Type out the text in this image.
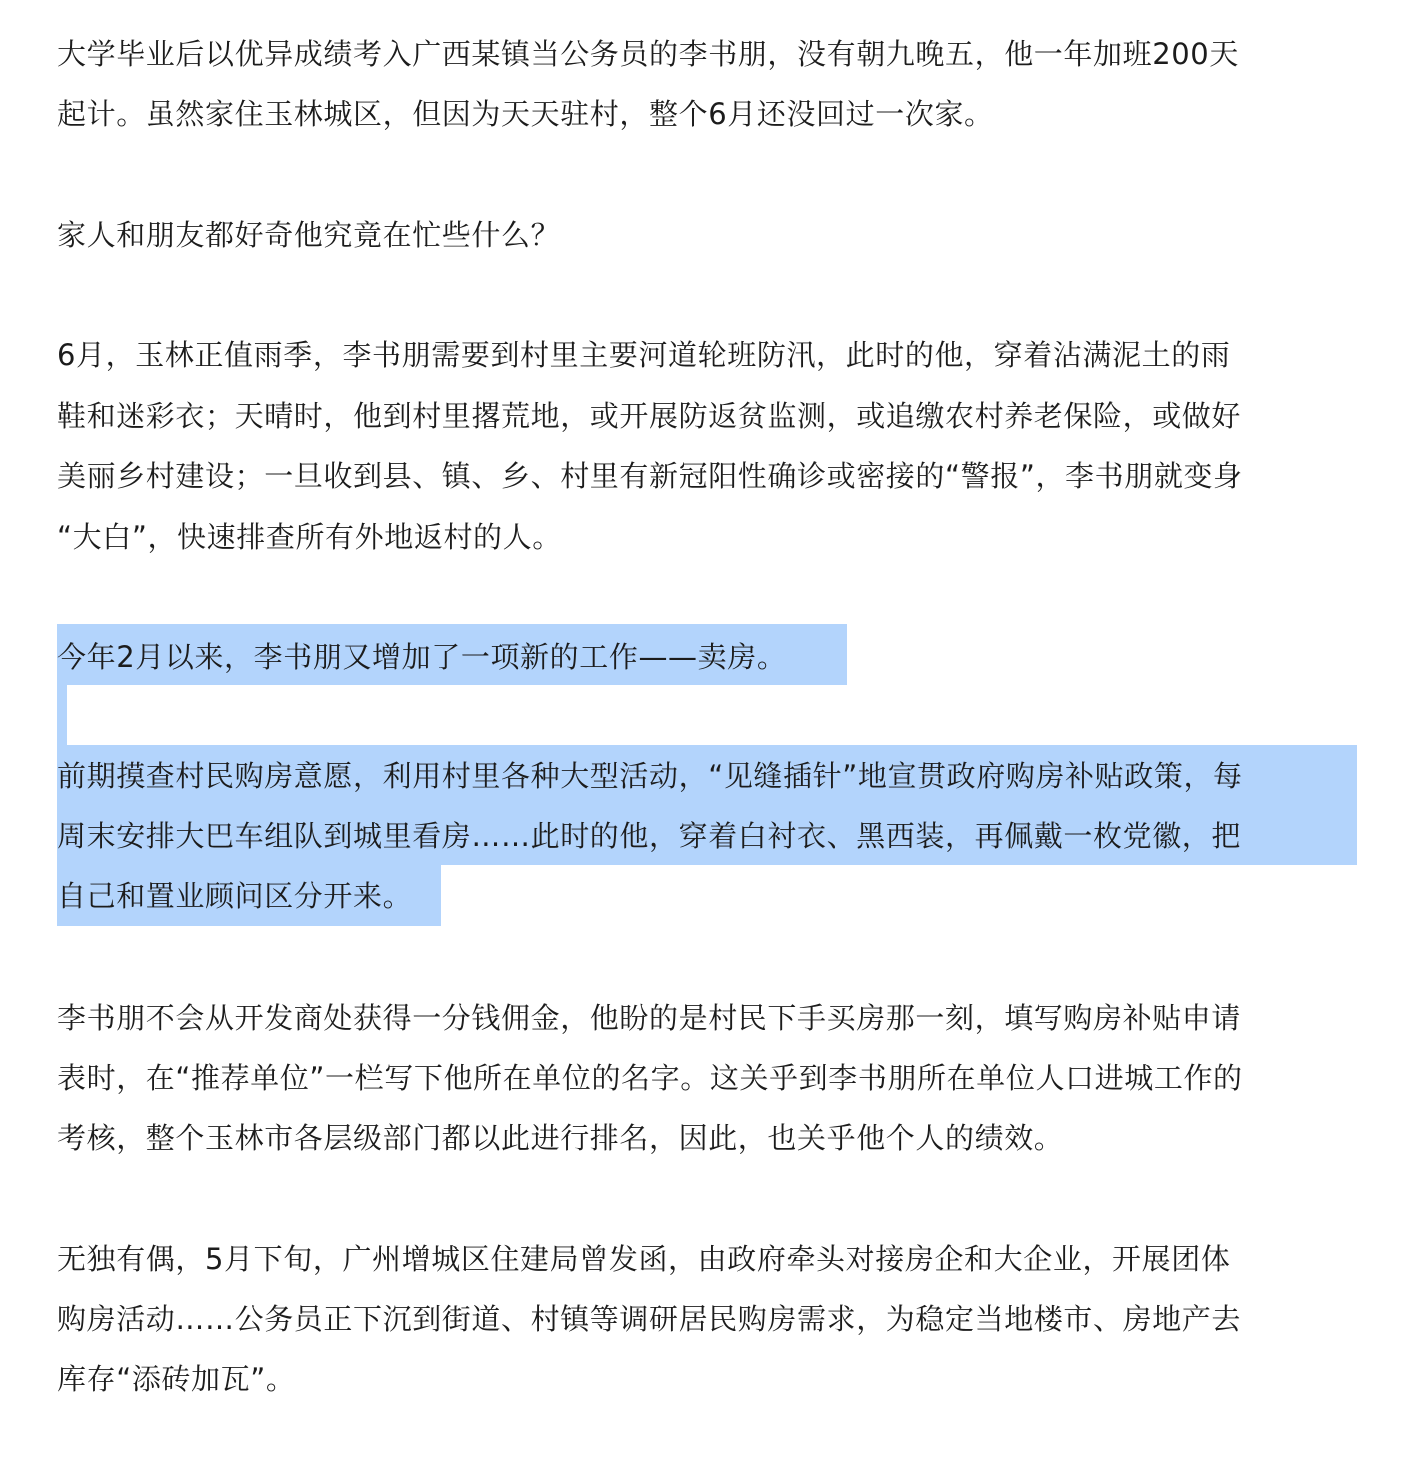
大学毕业后以优异成绩考入广西某镇当公务员的李书朋，没有朝九晚五，他一年加班200天
起计。虽然家住玉林城区，但因为天天驻村，整个6月还没回过一次家。
家人和朋友都好奇他究竟在忙些什么？
6月，玉林正值雨季，李书朋需要到村里主要河道轮班防汛，此时的他，穿着沾满泥土的雨
鞋和迷彩衣；天晴时，他到村里撂荒地，或开展防返贫监测，或追缴农村养老保险，或做好
美丽乡村建设；一旦收到县、镇、乡、村里有新冠阳性确诊或密接的“警报”，李书朋就变身
“大白”，快速排查所有外地返村的人。
今年2月以来，李书朋又增加了一项新的工作——卖房。
前期摸查村民购房意愿，利用村里各种大型活动，“见缝插针”地宣贯政府购房补贴政策，每
周末安排大巴车组队到城里看房……此时的他，穿着白衬衣、黑西装，再佩戴一枚党徽，把
自己和置业顾问区分开来。
李书朋不会从开发商处获得一分钱佣金，他盼的是村民下手买房那一刻，填写购房补贴申请
表时，在“推荐单位”一栏写下他所在单位的名字。这关乎到李书朋所在单位人口进城工作的
考核，整个玉林市各层级部门都以此进行排名，因此，也关乎他个人的绩效。
无独有偶，5月下旬，广州增城区住建局曾发函，由政府牵头对接房企和大企业，开展团体
购房活动……公务员正下沉到街道、村镇等调研居民购房需求，为稳定当地楼市、房地产去
库存“添砖加瓦”。
